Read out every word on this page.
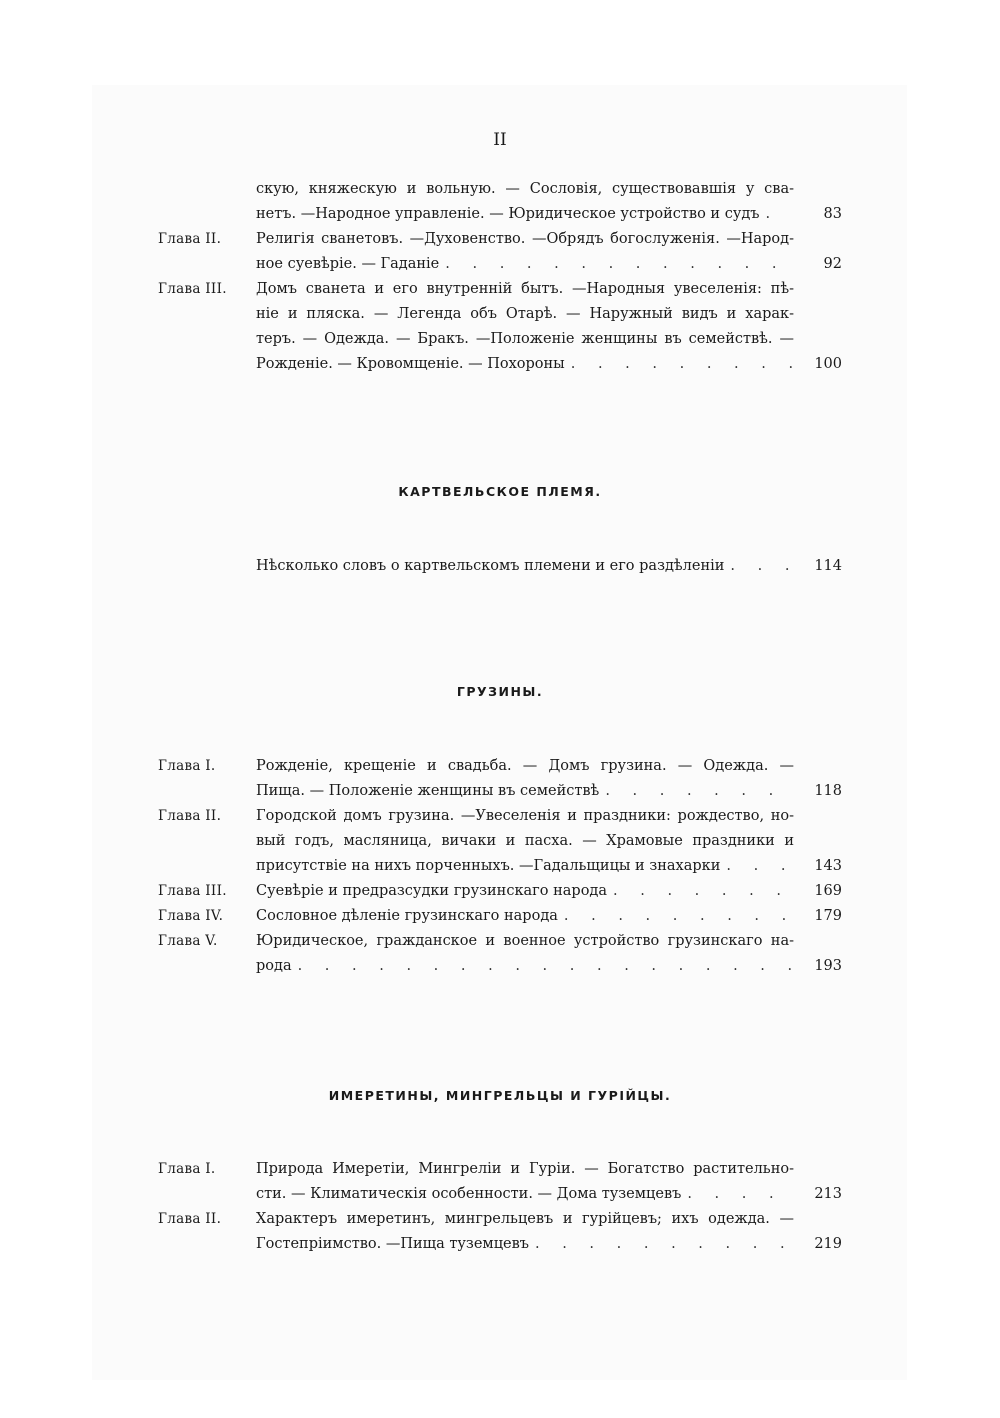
II
скую, княжескую и вольную. — Сословія, существовавшія у сва-
нетъ. —Народное управленіе. — Юридическое устройство и судъ . . .	83
Глава II.	Религія сванетовъ. —Духовенство. —Обрядъ богослуженія. —Народ-
ное суевѣріе. — Гаданіе . . .	92
Глава III.	Домъ сванета и его внутренній бытъ. —Народныя увеселенія: пѣ-
ніе и пляска. — Легенда объ Отарѣ. — Наружный видъ и харак-
теръ. — Одежда. — Бракъ. —Положеніе женщины въ семействѣ. —
Рожденіе. — Кровомщеніе. — Похороны . . .	100
КАРТВЕЛЬСКОЕ ПЛЕМЯ.
Нѣсколько словъ о картвельскомъ племени и его раздѣленіи . . .	114
ГРУЗИНЫ.
Глава I.	Рожденіе, крещеніе и свадьба. — Домъ грузина. — Одежда. —
Пища. — Положеніе женщины въ семействѣ . . .	118
Глава II.	Городской домъ грузина. —Увеселенія и праздники: рождество, но-
вый годъ, масляница, вичаки и пасха. — Храмовые праздники и
присутствіе на нихъ порченныхъ. —Гадальщицы и знахарки . . .	143
Глава III.	Суевѣріе и предразсудки грузинскаго народа . . .	169
Глава IV.	Сословное дѣленіе грузинскаго народа . . .	179
Глава V.	Юридическое, гражданское и военное устройство грузинскаго на-
рода . . .	193
ИМЕРЕТИНЫ, МИНГРЕЛЬЦЫ И ГУРІЙЦЫ.
Глава I.	Природа Имеретіи, Мингреліи и Гуріи. — Богатство растительно-
сти. — Климатическія особенности. — Дома туземцевъ . . .	213
Глава II.	Характеръ имеретинъ, мингрельцевъ и гурійцевъ; ихъ одежда. —
Гостепріимство. —Пища туземцевъ . . .	219
